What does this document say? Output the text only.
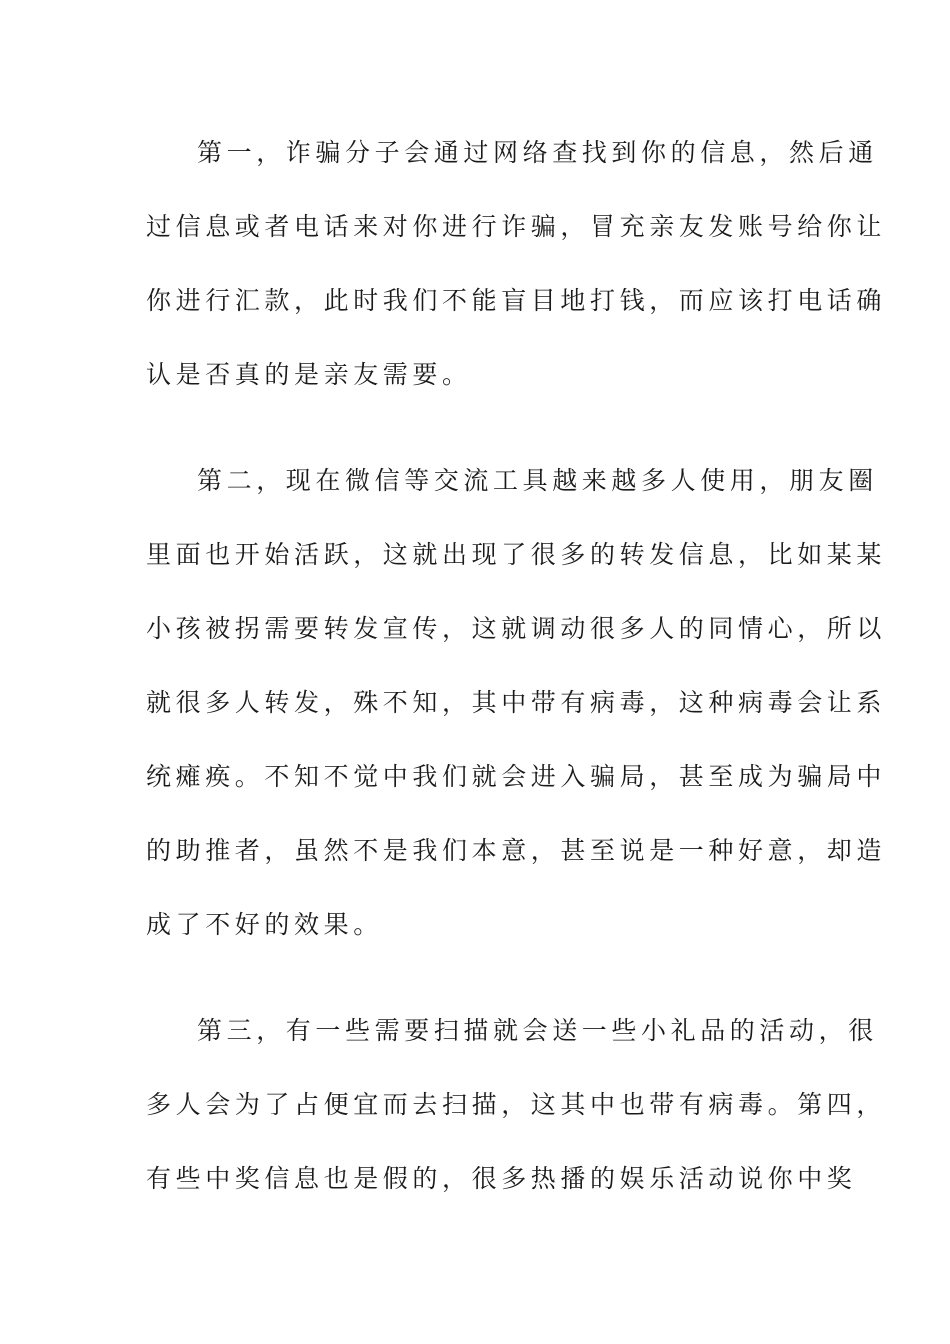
第一，诈骗分子会通过网络查找到你的信息，然后通
过信息或者电话来对你进行诈骗，冒充亲友发账号给你让
你进行汇款，此时我们不能盲目地打钱，而应该打电话确
认是否真的是亲友需要。
第二，现在微信等交流工具越来越多人使用，朋友圈
里面也开始活跃，这就出现了很多的转发信息，比如某某
小孩被拐需要转发宣传，这就调动很多人的同情心，所以
就很多人转发，殊不知，其中带有病毒，这种病毒会让系
统瘫痪。不知不觉中我们就会进入骗局，甚至成为骗局中
的助推者，虽然不是我们本意，甚至说是一种好意，却造
成了不好的效果。
第三，有一些需要扫描就会送一些小礼品的活动，很
多人会为了占便宜而去扫描，这其中也带有病毒。第四，
有些中奖信息也是假的，很多热播的娱乐活动说你中奖
